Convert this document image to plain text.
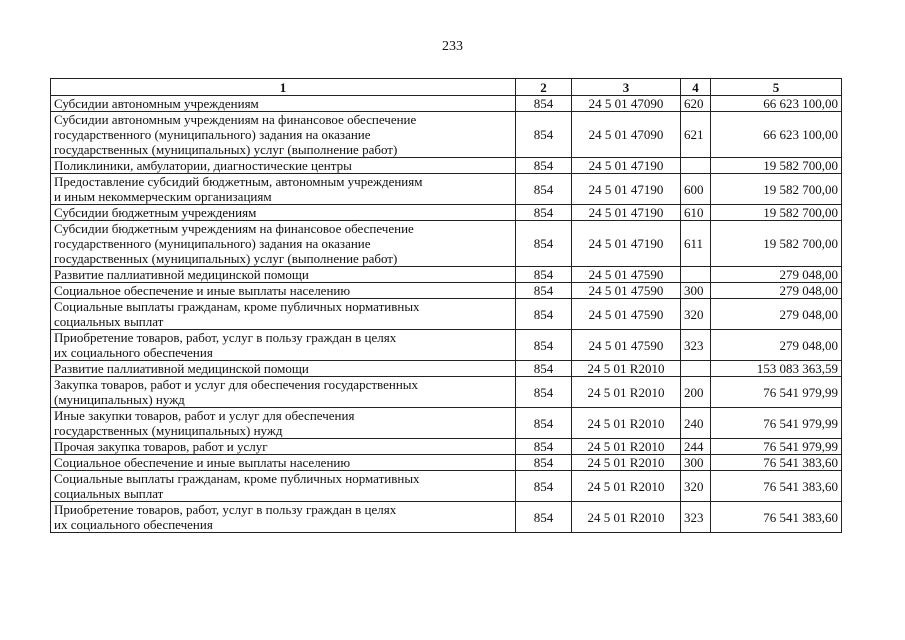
233
1	2	3	4	5
Субсидии автономным учреждениям	854	24 5 01 47090	620	66 623 100,00
Субсидии автономным учреждениям на финансовое обеспечение
государственного (муниципального) задания на оказание
государственных (муниципальных) услуг (выполнение работ)	854	24 5 01 47090	621	66 623 100,00
Поликлиники, амбулатории, диагностические центры	854	24 5 01 47190		19 582 700,00
Предоставление субсидий бюджетным, автономным учреждениям
и иным некоммерческим организациям	854	24 5 01 47190	600	19 582 700,00
Субсидии бюджетным учреждениям	854	24 5 01 47190	610	19 582 700,00
Субсидии бюджетным учреждениям на финансовое обеспечение
государственного (муниципального) задания на оказание
государственных (муниципальных) услуг (выполнение работ)	854	24 5 01 47190	611	19 582 700,00
Развитие паллиативной медицинской помощи	854	24 5 01 47590		279 048,00
Социальное обеспечение и иные выплаты населению	854	24 5 01 47590	300	279 048,00
Социальные выплаты гражданам, кроме публичных нормативных
социальных выплат	854	24 5 01 47590	320	279 048,00
Приобретение товаров, работ, услуг в пользу граждан в целях
их социального обеспечения	854	24 5 01 47590	323	279 048,00
Развитие паллиативной медицинской помощи	854	24 5 01 R2010		153 083 363,59
Закупка товаров, работ и услуг для обеспечения государственных
(муниципальных) нужд	854	24 5 01 R2010	200	76 541 979,99
Иные закупки товаров, работ и услуг для обеспечения
государственных (муниципальных) нужд	854	24 5 01 R2010	240	76 541 979,99
Прочая закупка товаров, работ и услуг	854	24 5 01 R2010	244	76 541 979,99
Социальное обеспечение и иные выплаты населению	854	24 5 01 R2010	300	76 541 383,60
Социальные выплаты гражданам, кроме публичных нормативных
социальных выплат	854	24 5 01 R2010	320	76 541 383,60
Приобретение товаров, работ, услуг в пользу граждан в целях
их социального обеспечения	854	24 5 01 R2010	323	76 541 383,60
